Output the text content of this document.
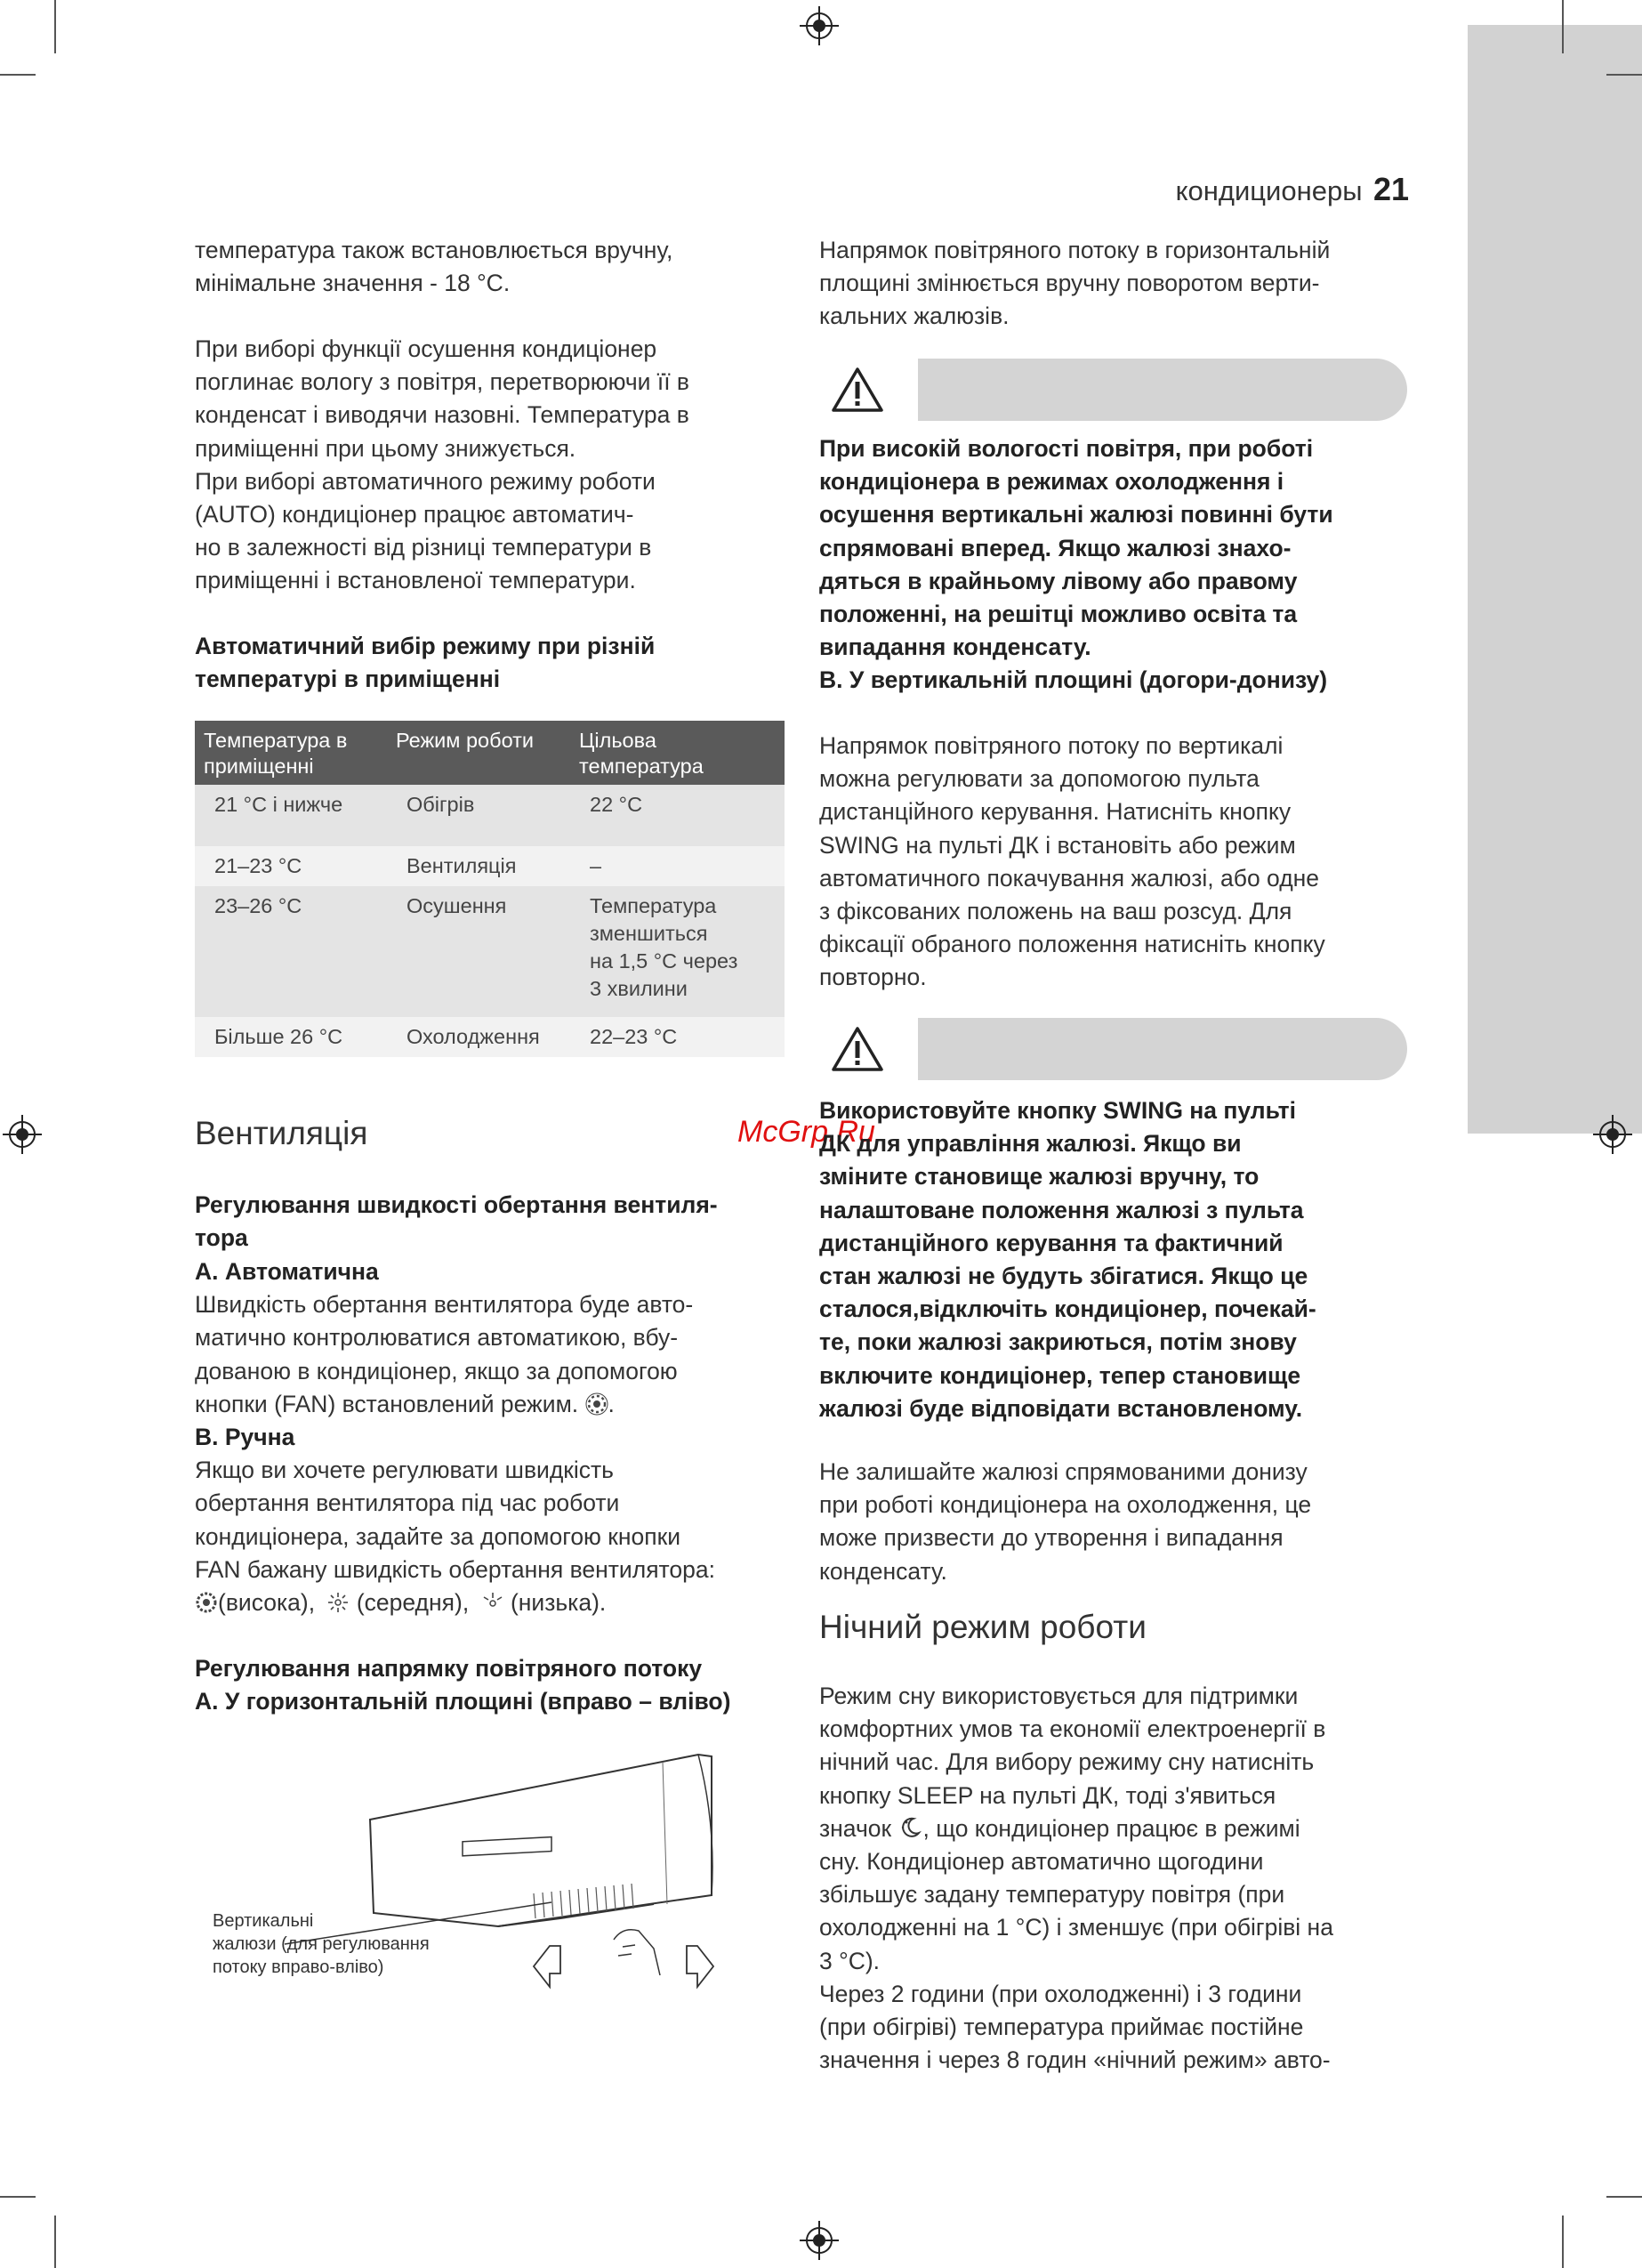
кондиционеры 21
McGrp.Ru
температура також встановлюється вручну,
мінімальне значення - 18 °С.
При виборі функції осушення кондиціонер
поглинає вологу з повітря, перетворюючи її в
конденсат і виводячи назовні. Температура в
приміщенні при цьому знижується.
При виборі автоматичного режиму роботи
(AUTO) кондиціонер працює автоматич-
но в залежності від різниці температури в
приміщенні і встановленої температури.
Автоматичний вибір режиму при різній
температурі в приміщенні
Температура в
приміщенні	Режим роботи	Цільова
температура

21 °С і нижче	Обігрів	22 °С
21–23 °С	Вентиляція	–
23–26 °С	Осушення	Температура
зменшиться
на 1,5 °С через
3 хвилини

Більше 26 °С	Охолодження	22–23 °С
Вентиляція
Регулювання швидкості обертання вентиля-
тора
А. Автоматична
Швидкість обертання вентилятора буде авто-
матично контролюватися автоматикою, вбу-
дованою в кондиціонер, якщо за допомогою
кнопки (FAN) встановлений режим. .
В. Ручна
Якщо ви хочете регулювати швидкість
обертання вентилятора під час роботи
кондиціонера, задайте за допомогою кнопки
FAN бажану швидкість обертання вентилятора:
(висока), (середня), (низька).
Регулювання напрямку повітряного потоку
А. У горизонтальній площині (вправо – вліво)
Вертикальні
жалюзи (для регулювання
потоку вправо-вліво)
Напрямок повітряного потоку в горизонтальній
площині змінюється вручну поворотом верти-
кальних жалюзів.
При високій вологості повітря, при роботі
кондиціонера в режимах охолодження і
осушення вертикальні жалюзі повинні бути
спрямовані вперед. Якщо жалюзі знахо-
дяться в крайньому лівому або правому
положенні, на решітці можливо освіта та
випадання конденсату.
В. У вертикальній площині (догори-донизу)
Напрямок повітряного потоку по вертикалі
можна регулювати за допомогою пульта
дистанційного керування. Натисніть кнопку
SWING на пульті ДК і встановіть або режим
автоматичного покачування жалюзі, або одне
з фіксованих положень на ваш розсуд. Для
фіксації обраного положення натисніть кнопку
повторно.
Використовуйте кнопку SWING на пульті
ДК для управління жалюзі. Якщо ви
зміните становище жалюзі вручну, то
налаштоване положення жалюзі з пульта
дистанційного керування та фактичний
стан жалюзі не будуть збігатися. Якщо це
сталося,відключіть кондиціонер, почекай-
те, поки жалюзі закриються, потім знову
включите кондиціонер, тепер становище
жалюзі буде відповідати встановленому.
Не залишайте жалюзі спрямованими донизу
при роботі кондиціонера на охолодження, це
може призвести до утворення і випадання
конденсату.
Нічний режим роботи
Режим сну використовується для підтримки
комфортних умов та економії електроенергії в
нічний час. Для вибору режиму сну натисніть
кнопку SLEEP на пульті ДК, тоді з'явиться
значок , що кондиціонер працює в режимі
сну. Кондиціонер автоматично щогодини
збільшує задану температуру повітря (при
охолодженні на 1 °С) і зменшує (при обігріві на
3 °С).
Через 2 години (при охолодженні) і 3 години
(при обігріві) температура приймає постійне
значення і через 8 годин «нічний режим» авто-
